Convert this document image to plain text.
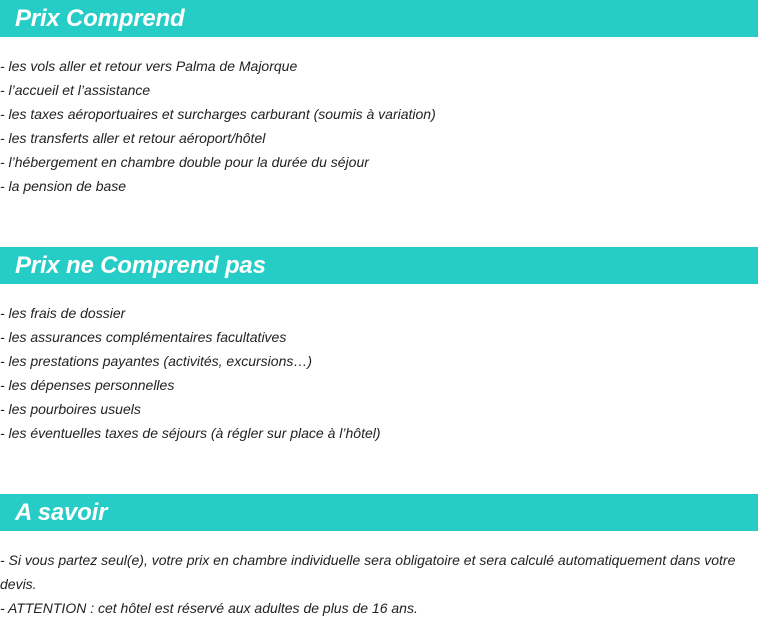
Prix Comprend
- les vols aller et retour vers Palma de Majorque
- l’accueil et l’assistance
- les taxes aéroportuaires et surcharges carburant (soumis à variation)
- les transferts aller et retour aéroport/hôtel
- l’hébergement en chambre double pour la durée du séjour
- la pension de base
Prix ne Comprend pas
- les frais de dossier
- les assurances complémentaires facultatives
- les prestations payantes (activités, excursions…)
- les dépenses personnelles
- les pourboires usuels
- les éventuelles taxes de séjours (à régler sur place à l’hôtel)
A savoir
- Si vous partez seul(e), votre prix en chambre individuelle sera obligatoire et sera calculé automatiquement dans votre devis.
- ATTENTION : cet hôtel est réservé aux adultes de plus de 16 ans.
